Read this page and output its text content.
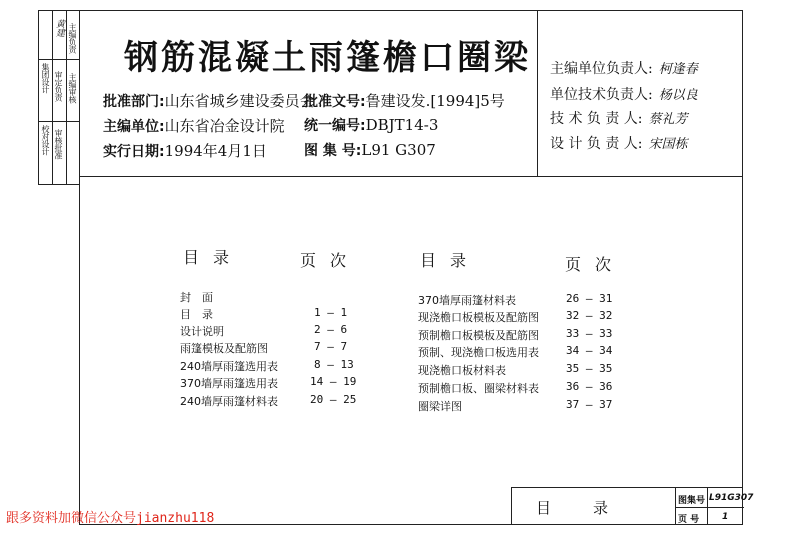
集团设计 审定负责
校对设计
主编负责
主编审核
审核批准
黄建
钢筋混凝土雨篷檐口圈梁
批准部门:山东省城乡建设委员会
主编单位:山东省冶金设计院
实行日期:1994年4月1日
批准文号:鲁建设发.[1994]5号
统一编号:DBJT14-3
图 集 号:L91 G307
主编单位负责人: 柯逢春
单位技术负责人: 杨以良
技 术 负 责 人: 蔡礼芳
设 计 负 责 人: 宋国栋
目录	页次	目录	页次
封　面
目　录	1 — 1
设计说明	2 — 6
雨篷模板及配筋图	7 — 7
240墙厚雨篷选用表	8 — 13
370墙厚雨篷选用表	14 — 19
240墙厚雨篷材料表	20 — 25
370墙厚雨篷材料表	26 — 31
现浇檐口板模板及配筋图 32 — 32
预制檐口板模板及配筋图 33 — 33
预制、现浇檐口板选用表 34 — 34
现浇檐口板材料表	35 — 35
预制檐口板、圈梁材料表 36 — 36
圈梁详图	37 — 37
目录	图集号 L91G307
页 号	1
跟多资料加微信公众号jianzhu118
